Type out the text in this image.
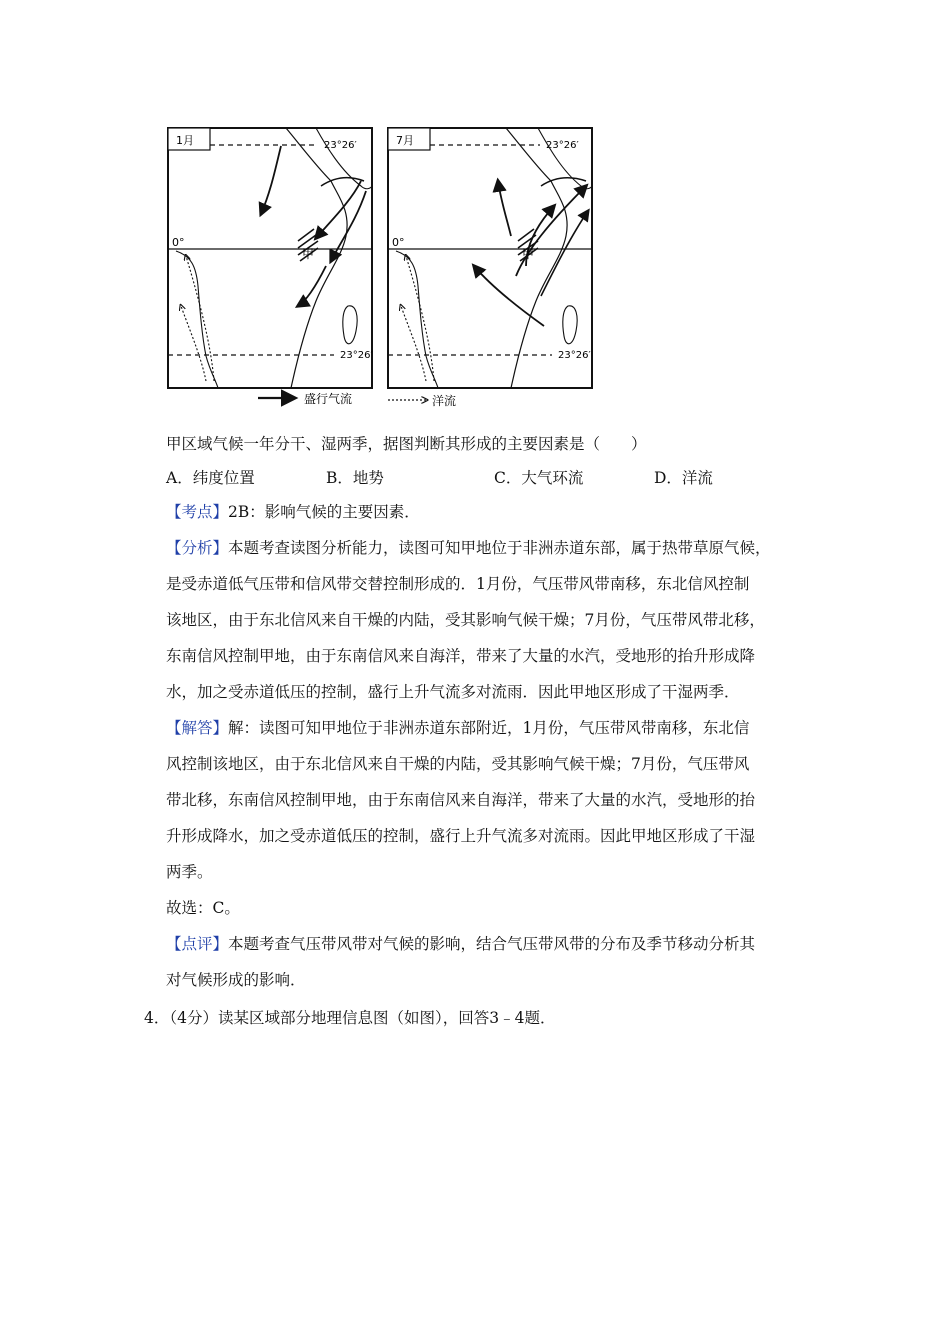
1月	23°26′
0°
23°26′
甲
7月	23°26′
0°
23°26′
甲
盛行气流	洋流
甲区域气候一年分干、湿两季，据图判断其形成的主要因素是（　　）
A．纬度位置	B．地势	C．大气环流	D．洋流
【考点】2B：影响气候的主要因素．
【分析】本题考查读图分析能力，读图可知甲地位于非洲赤道东部，属于热带草原气候，
是受赤道低气压带和信风带交替控制形成的．1月份，气压带风带南移，东北信风控制
该地区，由于东北信风来自干燥的内陆，受其影响气候干燥；7月份，气压带风带北移，
东南信风控制甲地，由于东南信风来自海洋，带来了大量的水汽，受地形的抬升形成降
水，加之受赤道低压的控制，盛行上升气流多对流雨．因此甲地区形成了干湿两季．
【解答】解：读图可知甲地位于非洲赤道东部附近，1月份，气压带风带南移，东北信
风控制该地区，由于东北信风来自干燥的内陆，受其影响气候干燥；7月份，气压带风
带北移，东南信风控制甲地，由于东南信风来自海洋，带来了大量的水汽，受地形的抬
升形成降水，加之受赤道低压的控制，盛行上升气流多对流雨。因此甲地区形成了干湿
两季。
故选：C。
【点评】本题考查气压带风带对气候的影响，结合气压带风带的分布及季节移动分析其
对气候形成的影响．
4．（4分）读某区域部分地理信息图（如图），回答3﹣4题．
